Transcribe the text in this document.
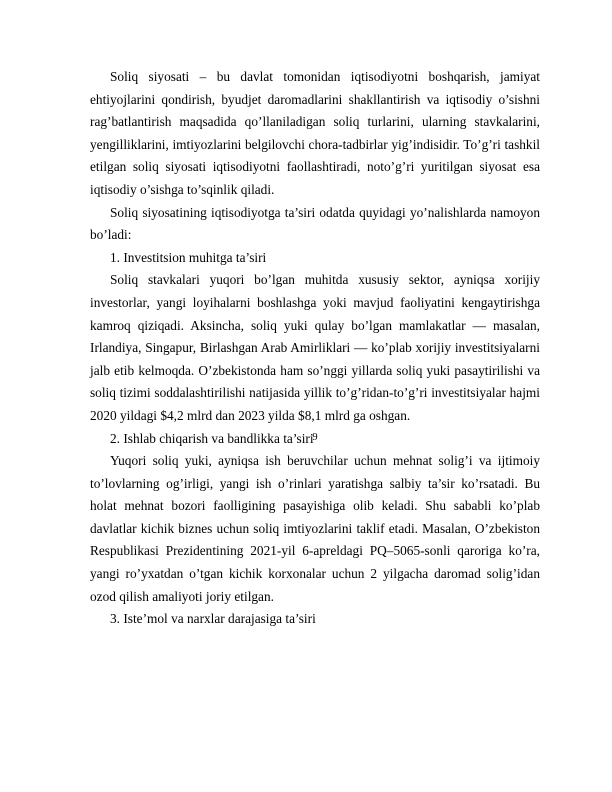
Soliq siyosati – bu davlat tomonidan iqtisodiyotni boshqarish, jamiyat ehtiyojlarini qondirish, byudjet daromadlarini shakllantirish va iqtisodiy o’sishni rag’batlantirish maqsadida qo’llaniladigan soliq turlarini, ularning stavkalarini, yengilliklarini, imtiyozlarini belgilovchi chora-tadbirlar yig’indisidir. To’g’ri tashkil etilgan soliq siyosati iqtisodiyotni faollashtiradi, noto’g’ri yuritilgan siyosat esa iqtisodiy o’sishga to’sqinlik qiladi.

Soliq siyosatining iqtisodiyotga ta’siri odatda quyidagi yo’nalishlarda namoyon bo’ladi:

1. Investitsion muhitga ta’siri

Soliq stavkalari yuqori bo’lgan muhitda xususiy sektor, ayniqsa xorijiy investorlar, yangi loyihalarni boshlashga yoki mavjud faoliyatini kengaytirishga kamroq qiziqadi. Aksincha, soliq yuki qulay bo’lgan mamlakatlar — masalan, Irlandiya, Singapur, Birlashgan Arab Amirliklari — ko’plab xorijiy investitsiyalarni jalb etib kelmoqda. O’zbekistonda ham so’nggi yillarda soliq yuki pasaytirilishi va soliq tizimi soddalashtirilishi natijasida yillik to’g’ridan-to’g’ri investitsiyalar hajmi 2020 yildagi $4,2 mlrd dan 2023 yilda $8,1 mlrd ga oshgan.

2. Ishlab chiqarish va bandlikka ta’siri

Yuqori soliq yuki, ayniqsa ish beruvchilar uchun mehnat solig’i va ijtimoiy to’lovlarning og’irligi, yangi ish o’rinlari yaratishga salbiy ta’sir ko’rsatadi. Bu holat mehnat bozori faolligining pasayishiga olib keladi. Shu sababli ko’plab davlatlar kichik biznes uchun soliq imtiyozlarini taklif etadi. Masalan, O’zbekiston Respublikasi Prezidentining 2021-yil 6-apreldagi PQ–5065-sonli qaroriga ko’ra, yangi ro’yxatdan o’tgan kichik korxonalar uchun 2 yilgacha daromad solig’idan ozod qilish amaliyoti joriy etilgan.

3. Iste’mol va narxlar darajasiga ta’siri

9
